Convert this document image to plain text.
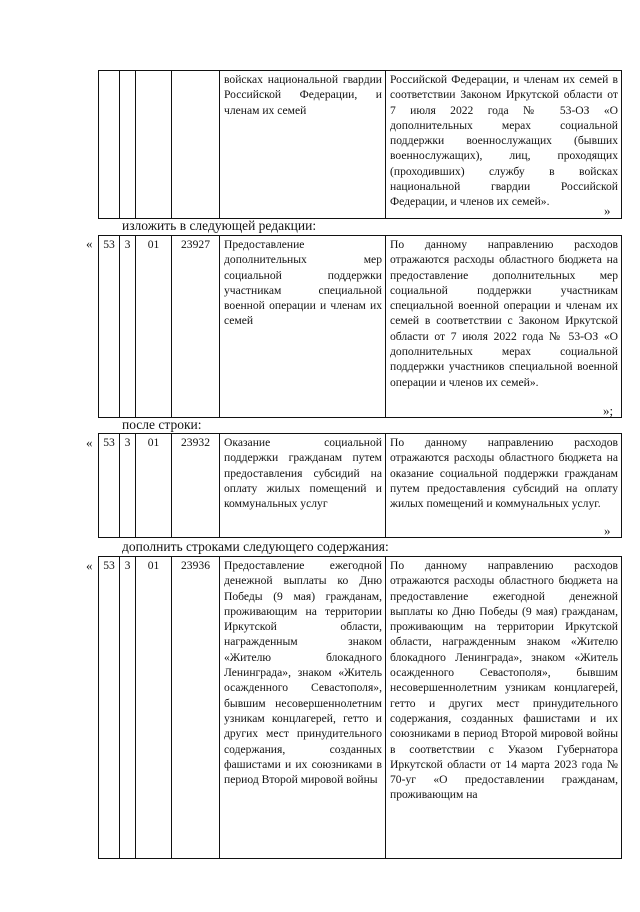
				войсках национальной гвардии Российской Федерации, и членам их семей	Российской Федерации, и членам их семей в соответствии Законом Иркутской области от 7 июля 2022 года № 53-ОЗ «О дополнительных мерах социальной поддержки военнослужащих (бывших военнослужащих), лиц, проходящих (проходивших) службу в войсках национальной гвардии Российской Федерации, и членов их семей».
»
изложить в следующей редакции:
« 53	3	01	23927	Предоставление дополнительных мер социальной поддержки участникам специальной военной операции и членам их семей	По данному направлению расходов отражаются расходы областного бюджета на предоставление дополнительных мер социальной поддержки участникам специальной военной операции и членам их семей в соответствии с Законом Иркутской области от 7 июля 2022 года № 53-ОЗ «О дополнительных мерах социальной поддержки участников специальной военной операции и членов их семей».
»;
после строки:
« 53	3	01	23932	Оказание социальной поддержки гражданам путем предоставления субсидий на оплату жилых помещений и коммунальных услуг	По данному направлению расходов отражаются расходы областного бюджета на оказание социальной поддержки гражданам путем предоставления субсидий на оплату жилых помещений и коммунальных услуг.
»
дополнить строками следующего содержания:
« 53	3	01	23936	Предоставление ежегодной денежной выплаты ко Дню Победы (9 мая) гражданам, проживающим на территории Иркутской области, награжденным знаком «Жителю блокадного Ленинграда», знаком «Житель осажденного Севастополя», бывшим несовершеннолетним узникам концлагерей, гетто и других мест принудительного содержания, созданных фашистами и их союзниками в период Второй мировой войны	По данному направлению расходов отражаются расходы областного бюджета на предоставление ежегодной денежной выплаты ко Дню Победы (9 мая) гражданам, проживающим на территории Иркутской области, награжденным знаком «Жителю блокадного Ленинграда», знаком «Житель осажденного Севастополя», бывшим несовершеннолетним узникам концлагерей, гетто и других мест принудительного содержания, созданных фашистами и их союзниками в период Второй мировой войны в соответствии с Указом Губернатора Иркутской области от 14 марта 2023 года № 70-уг «О предоставлении гражданам, проживающим на
